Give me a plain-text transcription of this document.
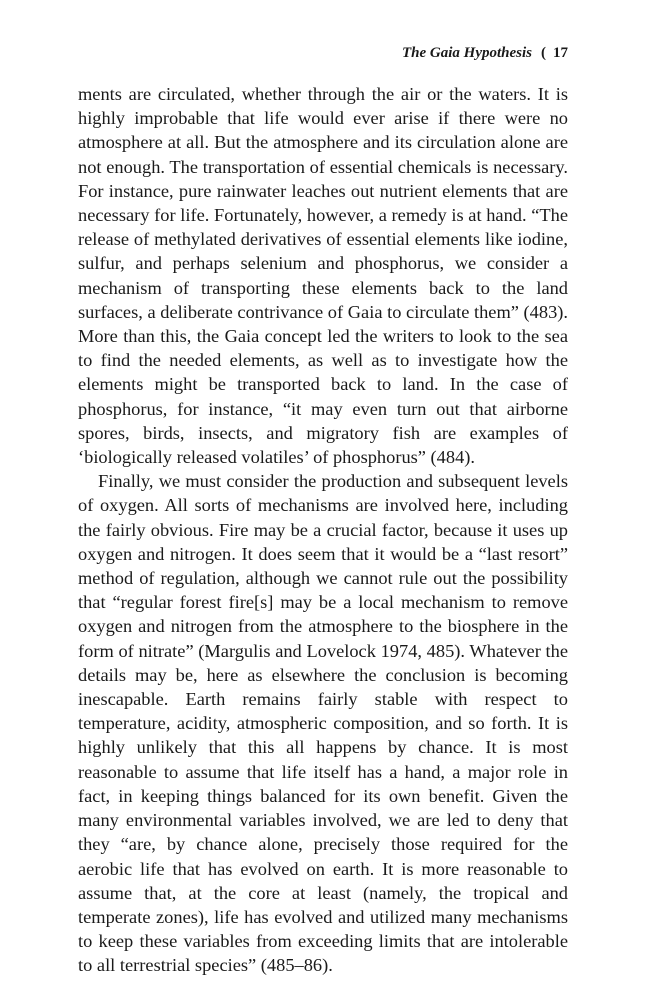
The Gaia Hypothesis ( 17

ments are circulated, whether through the air or the waters. It is highly improbable that life would ever arise if there were no atmosphere at all. But the atmosphere and its circulation alone are not enough. The transportation of essential chemicals is necessary. For instance, pure rainwater leaches out nutrient elements that are necessary for life. Fortunately, however, a remedy is at hand. “The release of methylated derivatives of essential elements like iodine, sulfur, and perhaps selenium and phosphorus, we consider a mechanism of transporting these elements back to the land surfaces, a deliberate contrivance of Gaia to circulate them” (483). More than this, the Gaia concept led the writers to look to the sea to find the needed elements, as well as to investigate how the elements might be transported back to land. In the case of phosphorus, for instance, “it may even turn out that airborne spores, birds, insects, and migratory fish are examples of ‘biologically released volatiles’ of phosphorus” (484).

Finally, we must consider the production and subsequent levels of oxygen. All sorts of mechanisms are involved here, including the fairly obvious. Fire may be a crucial factor, because it uses up oxygen and nitrogen. It does seem that it would be a “last resort” method of regulation, although we cannot rule out the possibility that “regular forest fire[s] may be a local mechanism to remove oxygen and nitrogen from the atmosphere to the biosphere in the form of nitrate” (Margulis and Lovelock 1974, 485). Whatever the details may be, here as elsewhere the conclusion is becoming inescapable. Earth remains fairly stable with respect to temperature, acidity, atmospheric composition, and so forth. It is highly unlikely that this all happens by chance. It is most reasonable to assume that life itself has a hand, a major role in fact, in keeping things balanced for its own benefit. Given the many environmental variables involved, we are led to deny that they “are, by chance alone, precisely those required for the aerobic life that has evolved on earth. It is more reasonable to assume that, at the core at least (namely, the tropical and temperate zones), life has evolved and utilized many mechanisms to keep these variables from exceeding limits that are intolerable to all terrestrial species” (485–86).
